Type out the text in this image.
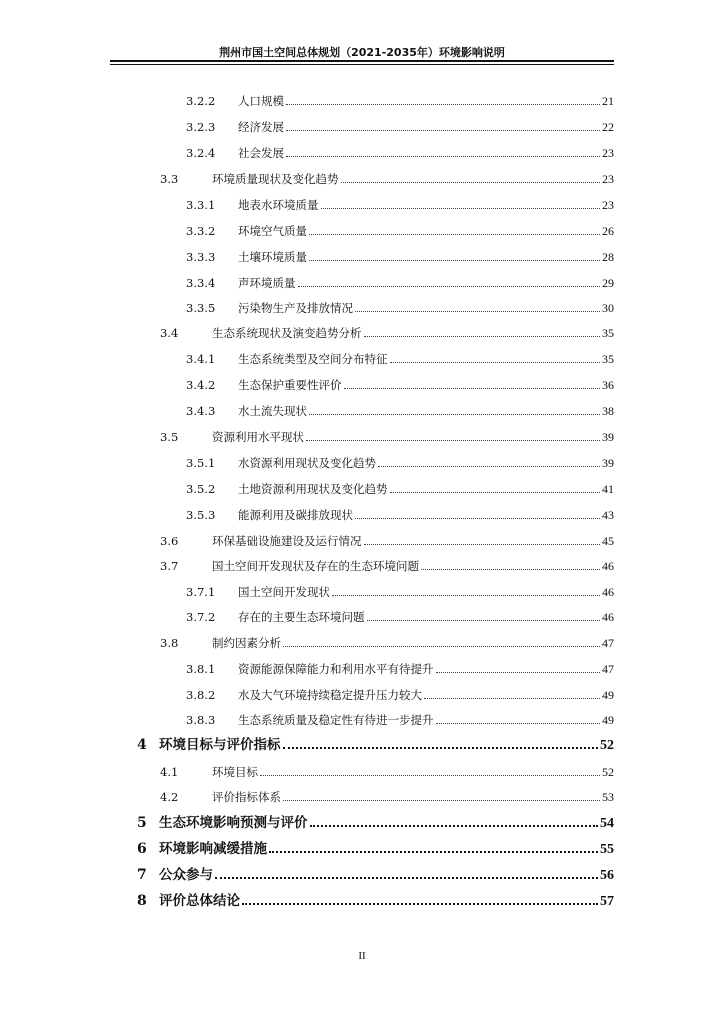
荆州市国土空间总体规划（2021-2035年）环境影响说明
3.2.2	人口规模	21
3.2.3	经济发展	22
3.2.4	社会发展	23
3.3	环境质量现状及变化趋势	23
3.3.1	地表水环境质量	23
3.3.2	环境空气质量	26
3.3.3	土壤环境质量	28
3.3.4	声环境质量	29
3.3.5	污染物生产及排放情况	30
3.4	生态系统现状及演变趋势分析	35
3.4.1	生态系统类型及空间分布特征	35
3.4.2	生态保护重要性评价	36
3.4.3	水土流失现状	38
3.5	资源利用水平现状	39
3.5.1	水资源利用现状及变化趋势	39
3.5.2	土地资源利用现状及变化趋势	41
3.5.3	能源利用及碳排放现状	43
3.6	环保基础设施建设及运行情况	45
3.7	国土空间开发现状及存在的生态环境问题	46
3.7.1	国土空间开发现状	46
3.7.2	存在的主要生态环境问题	46
3.8	制约因素分析	47
3.8.1	资源能源保障能力和利用水平有待提升	47
3.8.2	水及大气环境持续稳定提升压力较大	49
3.8.3	生态系统质量及稳定性有待进一步提升	49
4 环境目标与评价指标	52
4.1	环境目标	52
4.2	评价指标体系	53
5 生态环境影响预测与评价	54
6 环境影响减缓措施	55
7 公众参与	56
8 评价总体结论	57
II
